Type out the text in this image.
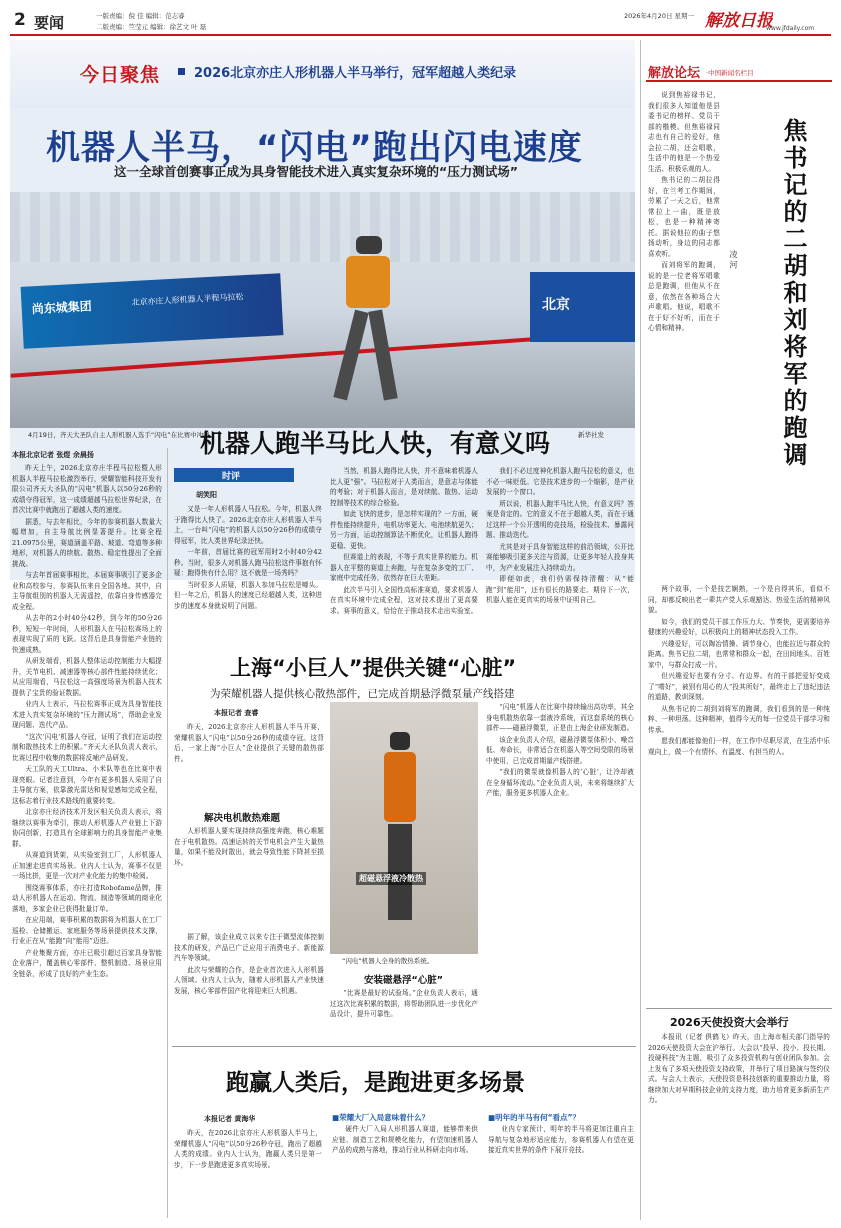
2 要闻	一版责编：倪 佳 编辑：范志睿
二版责编：竺莹元 编辑：徐艺文 叶 磊
2026年4月20日 星期一 解放日报
www.jfdaily.com
今日聚焦	2026北京亦庄人形机器人半马举行，冠军超越人类纪录
机器人半马，“闪电”跑出闪电速度
这一全球首创赛事正成为具身智能技术进入真实复杂环境的“压力测试场”
尚东城集团	北京亦庄人形机器人半程马拉松	北京
4月19日，齐天大圣队自主人形机器人选手“闪电”在比赛中冲线。	新华社发
本报北京记者 张煜 余晨扬

昨天上午，2026北京亦庄半程马拉松暨人形机器人半程马拉松激烈举行，荣耀智能科技开发有限公司齐天大圣队的“闪电”机器人以50分26秒的成绩夺得冠军，这一成绩超越马拉松世界纪录，在首次比赛中就跑出了超越人类的速度。

据悉，与去年相比，今年的参赛机器人数量大幅增加，自主导航比例显著提升。比赛全程21.0975公里，赛道涵盖平路、坡道、弯道等多种地形，对机器人的续航、散热、稳定性提出了全面挑战。

与去年首届赛事相比，本届赛事吸引了更多企业和高校参与，参赛队伍来自全国各地。其中，自主导航组别的机器人无需遥控，依靠自身传感器完成全程。

从去年的2小时40分42秒，到今年的50分26秒，短短一年时间，人形机器人在马拉松赛场上的表现实现了质的飞跃。这背后是具身智能产业链的快速成熟。

从研发端看，机器人整体运动控制能力大幅提升，关节电机、减速器等核心部件性能持续优化；从应用端看，马拉松这一高强度场景为机器人技术提供了宝贵的验证数据。

业内人士表示，马拉松赛事正成为具身智能技术进入真实复杂环境的“压力测试场”，帮助企业发现问题、迭代产品。

“这次‘闪电’机器人夺冠，证明了我们在运动控制和散热技术上的积累。”齐天大圣队负责人表示，比赛过程中收集的数据将反哺产品研发。

天工队的天工Ultra、小米队等也在比赛中表现亮眼。记者注意到，今年有更多机器人采用了自主导航方案，依靠激光雷达和视觉感知完成全程，这标志着行业技术路线的重要转变。

北京亦庄经济技术开发区相关负责人表示，将继续以赛事为牵引，推动人形机器人产业链上下游协同创新，打造具有全球影响力的具身智能产业集群。

从赛道到货架，从实验室到工厂，人形机器人正加速走进真实场景。业内人士认为，赛事不仅是一场比拼，更是一次对产业化能力的集中检阅。

围绕赛事体系，亦庄打造Robofame品牌，推动人形机器人在运动、物流、制造等领域的商业化落地，多家企业已获得批量订单。

在应用端，赛事积累的数据将为机器人在工厂巡检、仓储搬运、家庭服务等场景提供技术支撑，行业正在从“能跑”向“能用”迈进。

产业集聚方面，亦庄已吸引超过百家具身智能企业落户，覆盖核心零部件、整机制造、场景应用全链条，形成了良好的产业生态。

机器人跑半马比人快，有意义吗
时评
胡笑阳

又是一年人形机器人马拉松。今年，机器人终于跑得比人快了。2026北京亦庄人形机器人半马上，一台叫“闪电”的机器人以50分26秒的成绩夺得冠军，比人类世界纪录还快。

一年前，首届比赛的冠军用时2小时40分42秒。当时，很多人对机器人跑马拉松这件事抱有怀疑：跑得快有什么用？这不就是一场秀吗？

当时很多人质疑，机器人参加马拉松是噱头。但一年之后，机器人的速度已经超越人类，这种进步的速度本身就说明了问题。

当然，机器人跑得比人快，并不意味着机器人比人更“强”。马拉松对于人类而言，是意志与体能的考验；对于机器人而言，是对续航、散热、运动控制等技术的综合检验。

如此飞快的进步，是怎样实现的？一方面，硬件性能持续提升，电机功率更大、电池续航更久；另一方面，运动控制算法不断优化，让机器人跑得更稳、更快。

但赛道上的表现，不等于真实世界的能力。机器人在平整的赛道上奔跑，与在复杂多变的工厂、家庭中完成任务，依然存在巨大差距。

此次半马引入全国性高标准赛道，要求机器人在真实环境中完成全程，这对技术提出了更高要求。赛事的意义，恰恰在于推动技术走出实验室。

我们不必过度神化机器人跑马拉松的意义，也不必一味贬低。它是技术进步的一个缩影，是产业发展的一个窗口。

所以说，机器人跑半马比人快，有意义吗？答案是肯定的。它的意义不在于超越人类，而在于通过这样一个公开透明的竞技场，检验技术、暴露问题、推动迭代。

尤其是对于具身智能这样的前沿领域，公开比赛能够吸引更多关注与资源，让更多年轻人投身其中，为产业发展注入持续动力。

即便如此，我们仍需保持清醒：从“能跑”到“能用”，还有很长的路要走。期待下一次，机器人能在更真实的场景中证明自己。

上海“小巨人”提供关键“心脏”
为荣耀机器人提供核心散热部件，已完成首期悬浮微泵量产线搭建
本报记者 查睿

昨天，2026北京亦庄人形机器人半马开赛，荣耀机器人“闪电”以50分26秒的成绩夺冠。这背后，一家上海“小巨人”企业提供了关键的散热部件。

解决电机散热难题

人形机器人要实现持续高强度奔跑，核心难题在于电机散热。高速运转的关节电机会产生大量热量，如果不能及时散出，就会导致性能下降甚至损坏。

超磁悬浮液冷散热
“闪电”机器人全身的散热系统。

“闪电”机器人在比赛中持续输出高功率，其全身电机散热依靠一套液冷系统，而这套系统的核心部件——磁悬浮微泵，正是由上海企业研发制造。

该企业负责人介绍，磁悬浮微泵体积小、噪音低、寿命长，非常适合在机器人等空间受限的场景中使用，已完成首期量产线搭建。

“我们的微泵就像机器人的‘心脏’，让冷却液在全身循环流动。”企业负责人说，未来将继续扩大产能，服务更多机器人企业。

据了解，该企业成立以来专注于微型流体控制技术的研发，产品已广泛应用于消费电子、新能源汽车等领域。

此次与荣耀的合作，是企业首次进入人形机器人领域。业内人士认为，随着人形机器人产业快速发展，核心零部件国产化将迎来巨大机遇。

安装磁悬浮“心脏”

“比赛是最好的试验场。”企业负责人表示，通过这次比赛积累的数据，将帮助团队进一步优化产品设计，提升可靠性。

跑赢人类后，是跑进更多场景
本报记者 黄海华

昨天，在2026北京亦庄人形机器人半马上，荣耀机器人“闪电”以50分26秒夺冠，跑出了超越人类的成绩。业内人士认为，跑赢人类只是第一步，下一步是跑进更多真实场景。

■荣耀大厂入局意味着什么？

硬件大厂入局人形机器人赛道，能够带来供应链、制造工艺和规模化能力，有望加速机器人产品的成熟与落地，推动行业从科研走向市场。

■明年的半马有何“看点”？

业内专家预计，明年的半马将更加注重自主导航与复杂地形适应能力，参赛机器人有望在更接近真实世界的条件下展开竞技。

解放论坛 ·中国新闻名栏目
焦书记的二胡和刘将军的跑调
凌 河

说到焦裕禄书记，我们很多人知道他是县委书记的榜样、党员干部的楷模。但焦裕禄同志也有自己的爱好，他会拉二胡，还会唱歌，生活中的他是一个热爱生活、积极乐观的人。

焦书记的二胡拉得好，在兰考工作期间，劳累了一天之后，他常常拉上一曲，既是放松，也是一种精神寄托。据说他拉的曲子悠扬动听，身边的同志都喜欢听。

而刘将军的跑调，说的是一位老将军唱歌总是跑调，但他从不在意，依然在各种场合大声歌唱。他说，唱歌不在于好不好听，而在于心情和精神。

两个故事，一个是技艺娴熟，一个是自得其乐，看似不同，却都反映出老一辈共产党人乐观豁达、热爱生活的精神风貌。

如今，我们的党员干部工作压力大、节奏快，更需要培养健康的兴趣爱好，以积极向上的精神状态投入工作。

兴趣爱好，可以陶冶情操、调节身心，也能拉近与群众的距离。焦书记拉二胡，也常常和群众一起，在田间地头、百姓家中，与群众打成一片。

但兴趣爱好也要有分寸、有边界。有的干部把爱好变成了“嗜好”，被别有用心的人“投其所好”，最终走上了违纪违法的道路，教训深刻。

从焦书记的二胡到刘将军的跑调，我们看到的是一种纯粹、一种坦荡。这种精神，值得今天的每一位党员干部学习和传承。

愿我们都能像他们一样，在工作中尽职尽责，在生活中乐观向上，做一个有情怀、有温度、有担当的人。

2026天使投资大会举行

本报讯（记者 俱鹤飞）昨天，由上海市相关部门指导的2026天使投资大会在沪举行。大会以“投早、投小、投长期、投硬科技”为主题，吸引了众多投资机构与创业团队参加。会上发布了多项天使投资支持政策，并举行了项目路演与签约仪式。与会人士表示，天使投资是科技创新的重要推动力量，将继续加大对早期科技企业的支持力度，助力培育更多新质生产力。
